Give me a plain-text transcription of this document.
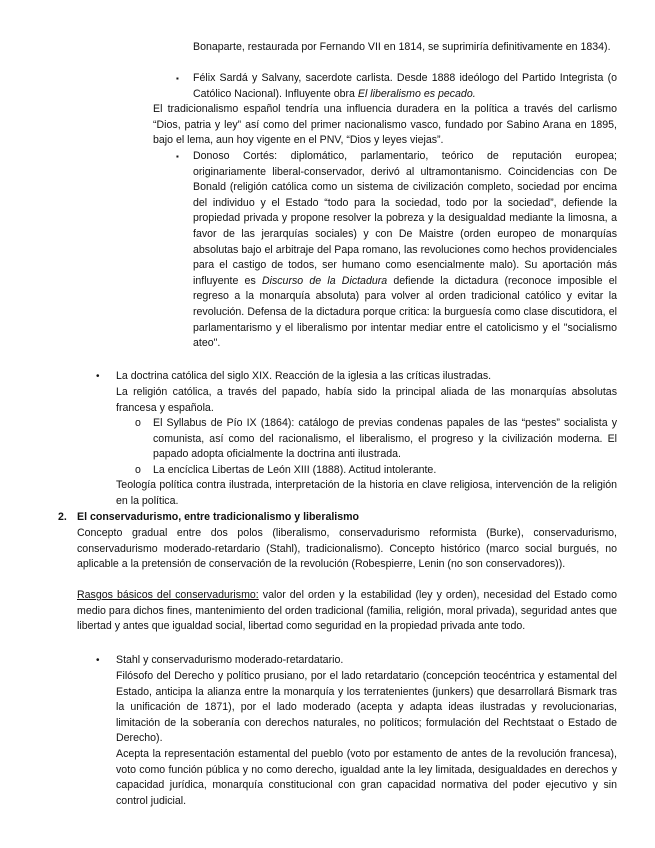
Bonaparte, restaurada por Fernando VII en 1814, se suprimiría definitivamente en 1834).

▪ Félix Sardá y Salvany, sacerdote carlista. Desde 1888 ideólogo del Partido Integrista (o Católico Nacional). Influyente obra El liberalismo es pecado.

El tradicionalismo español tendría una influencia duradera en la política a través del carlismo “Dios, patria y ley” así como del primer nacionalismo vasco, fundado por Sabino Arana en 1895, bajo el lema, aun hoy vigente en el PNV, “Dios y leyes viejas”.

▪ Donoso Cortés: diplomático, parlamentario, teórico de reputación europea; originariamente liberal-conservador, derivó al ultramontanismo. Coincidencias con De Bonald (religión católica como un sistema de civilización completo, sociedad por encima del individuo y el Estado “todo para la sociedad, todo por la sociedad”, defiende la propiedad privada y propone resolver la pobreza y la desigualdad mediante la limosna, a favor de las jerarquías sociales) y con De Maistre (orden europeo de monarquías absolutas bajo el arbitraje del Papa romano, las revoluciones como hechos providenciales para el castigo de todos, ser humano como esencialmente malo). Su aportación más influyente es Discurso de la Dictadura defiende la dictadura (reconoce imposible el regreso a la monarquía absoluta) para volver al orden tradicional católico y evitar la revolución. Defensa de la dictadura porque critica: la burguesía como clase discutidora, el parlamentarismo y el liberalismo por intentar mediar entre el catolicismo y el "socialismo ateo".

• La doctrina católica del siglo XIX. Reacción de la iglesia a las críticas ilustradas.

La religión católica, a través del papado, había sido la principal aliada de las monarquías absolutas francesa y española.

o El Syllabus de Pío IX (1864): catálogo de previas condenas papales de las “pestes” socialista y comunista, así como del racionalismo, el liberalismo, el progreso y la civilización moderna. El papado adopta oficialmente la doctrina anti ilustrada.

o La encíclica Libertas de León XIII (1888). Actitud intolerante.

Teología política contra ilustrada, interpretación de la historia en clave religiosa, intervención de la religión en la política.

2. El conservadurismo, entre tradicionalismo y liberalismo

Concepto gradual entre dos polos (liberalismo, conservadurismo reformista (Burke), conservadurismo, conservadurismo moderado-retardario (Stahl), tradicionalismo). Concepto histórico (marco social burgués, no aplicable a la pretensión de conservación de la revolución (Robespierre, Lenin (no son conservadores)).

Rasgos básicos del conservadurismo: valor del orden y la estabilidad (ley y orden), necesidad del Estado como medio para dichos fines, mantenimiento del orden tradicional (familia, religión, moral privada), seguridad antes que libertad y antes que igualdad social, libertad como seguridad en la propiedad privada ante todo.

• Stahl y conservadurismo moderado-retardatario.

Filósofo del Derecho y político prusiano, por el lado retardatario (concepción teocéntrica y estamental del Estado, anticipa la alianza entre la monarquía y los terratenientes (junkers) que desarrollará Bismark tras la unificación de 1871), por el lado moderado (acepta y adapta ideas ilustradas y revolucionarias, limitación de la soberanía con derechos naturales, no políticos; formulación del Rechtstaat o Estado de Derecho).

Acepta la representación estamental del pueblo (voto por estamento de antes de la revolución francesa), voto como función pública y no como derecho, igualdad ante la ley limitada, desigualdades en derechos y capacidad jurídica, monarquía constitucional con gran capacidad normativa del poder ejecutivo y sin control judicial.
